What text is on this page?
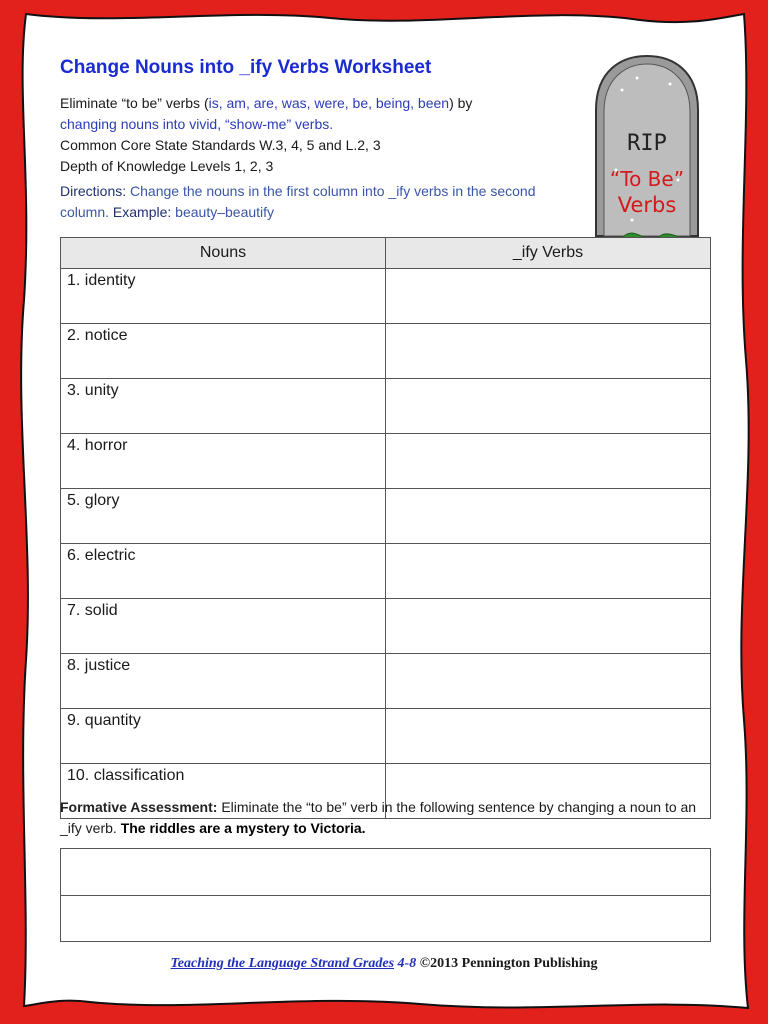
Change Nouns into _ify Verbs Worksheet
Eliminate “to be” verbs (is, am, are, was, were, be, being, been) by
changing nouns into vivid, “show-me” verbs.
Common Core State Standards W.3, 4, 5 and L.2, 3
Depth of Knowledge Levels 1, 2, 3
Directions: Change the nouns in the first column into _ify verbs in the second column. Example: beauty–beautify
RIP
“To Be”
Verbs
Nouns	_ify Verbs
1. identity	
2. notice	
3. unity	
4. horror	
5. glory	
6. electric	
7. solid	
8. justice	
9. quantity	
10. classification	
Formative Assessment: Eliminate the “to be” verb in the following sentence by changing a noun to an _ify verb. The riddles are a mystery to Victoria.
Teaching the Language Strand Grades 4-8 ©2013 Pennington Publishing
